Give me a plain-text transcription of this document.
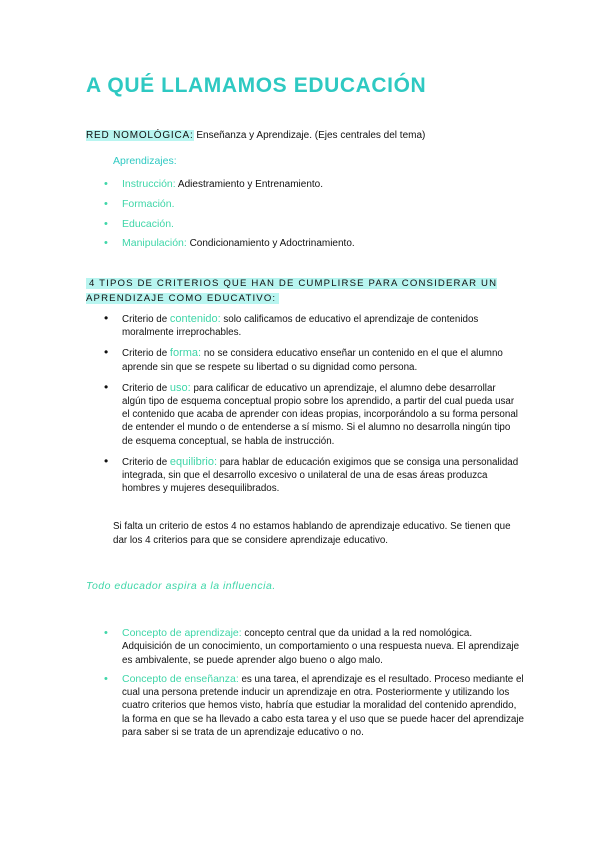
A QUÉ LLAMAMOS EDUCACIÓN
RED NOMOLÓGICA: Enseñanza y Aprendizaje. (Ejes centrales del tema)
Aprendizajes:
• Instrucción: Adiestramiento y Entrenamiento.
• Formación.
• Educación.
• Manipulación: Condicionamiento y Adoctrinamiento.
4 TIPOS DE CRITERIOS QUE HAN DE CUMPLIRSE PARA CONSIDERAR UN APRENDIZAJE COMO EDUCATIVO:
• Criterio de contenido: solo calificamos de educativo el aprendizaje de contenidos moralmente irreprochables.
• Criterio de forma: no se considera educativo enseñar un contenido en el que el alumno aprende sin que se respete su libertad o su dignidad como persona.
• Criterio de uso: para calificar de educativo un aprendizaje, el alumno debe desarrollar algún tipo de esquema conceptual propio sobre los aprendido, a partir del cual pueda usar el contenido que acaba de aprender con ideas propias, incorporándolo a su forma personal de entender el mundo o de entenderse a sí mismo. Si el alumno no desarrolla ningún tipo de esquema conceptual, se habla de instrucción.
• Criterio de equilibrio: para hablar de educación exigimos que se consiga una personalidad integrada, sin que el desarrollo excesivo o unilateral de una de esas áreas produzca hombres y mujeres desequilibrados.

Si falta un criterio de estos 4 no estamos hablando de aprendizaje educativo. Se tienen que dar los 4 criterios para que se considere aprendizaje educativo.

Todo educador aspira a la influencia.

• Concepto de aprendizaje: concepto central que da unidad a la red nomológica. Adquisición de un conocimiento, un comportamiento o una respuesta nueva. El aprendizaje es ambivalente, se puede aprender algo bueno o algo malo.
• Concepto de enseñanza: es una tarea, el aprendizaje es el resultado. Proceso mediante el cual una persona pretende inducir un aprendizaje en otra. Posteriormente y utilizando los cuatro criterios que hemos visto, habría que estudiar la moralidad del contenido aprendido, la forma en que se ha llevado a cabo esta tarea y el uso que se puede hacer del aprendizaje para saber si se trata de un aprendizaje educativo o no.
